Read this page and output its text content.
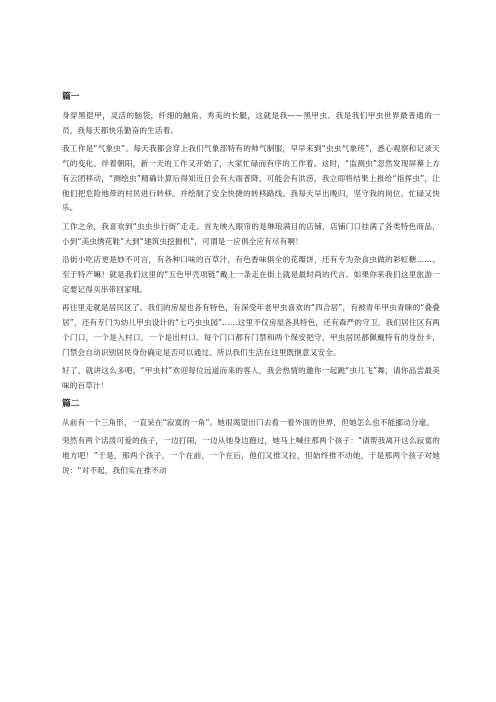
篇一

身穿黑铠甲，灵活的脑袋，纤细的触角，秀美的长腿，这就是我——黑甲虫。我是我们甲虫世界最普通的一员，我每天都快乐勤奋的生活着。

我工作是“气象虫”。每天我都会穿上我们气象部特有的帅气制服，早早来到“虫虫气象班”，悉心观察和记录天气的变化。伴着朝阳，新一天的工作又开始了，大家忙碌而有序的工作着。这时，“监测虫”忽然发现屏幕上方有云团移动，“测绘虫”精确计算后得知近日会有大雨普降，可能会有洪涝，我立即将结果上报给“指挥虫”，让他们把危险地带的村民进行转移。并绘制了安全快捷的转移路线。我每天早出晚归，坚守我的岗位，忙碌又快乐。

工作之余，我喜欢到“虫虫步行街”走走。首先映入眼帘的是琳琅满目的店铺，店铺门口挂满了各类特色商品，小到“美虫绣花鞋”大到“建筑虫挖掘机”，可谓是一应俱全应有尽有啊！

沿街小吃店更是妙不可言，有各种口味的百草汁，有色香味俱全的花瓣饼，还有专为杂食虫做的彩虹糖……。至于特产嘛！就是我们这里的“五色甲壳项链”戴上一条走在街上就是最时尚的代言。如果你来我们这里旅游一定要记得买串带回家哦。

再往里走就是居民区了。我们的房屋也各有特色，有深受年老甲虫喜欢的“四合居”，有被青年甲虫青睐的“叠叠居”，还有专门为幼儿甲虫设计的“七巧虫虫园”……这里不仅房屋各具特色，还有森严的守卫。我们居住区有两个门口，一个是入村口，一个是出村口。每个门口都有门禁和两个保安把守，甲虫居民都佩戴特有的身份卡，门禁会自动识别居民身份确定是否可以通过。所以我们生活在这里既惬意又安全。

好了，就讲这么多吧，“甲虫村”欢迎每位远道而来的客人，我会热情的邀你一起跳“虫儿飞”舞，请你品尝最美味的百草汁！

篇二

从前有一个三角形，一直呆在“寂寞的一角”。她很渴望出门去看一看外面的世界，但她怎么也不能挪动分毫。

突然有两个活泼可爱的孩子，一边打闹，一边从她身边跑过，她马上喊住那两个孩子：“请帮我离开这么寂寞的地方吧！”于是，那两个孩子，一个在前，一个在后，他们又推又拉，但始终推不动她，于是那两个孩子对她说：“对不起，我们实在推不动
